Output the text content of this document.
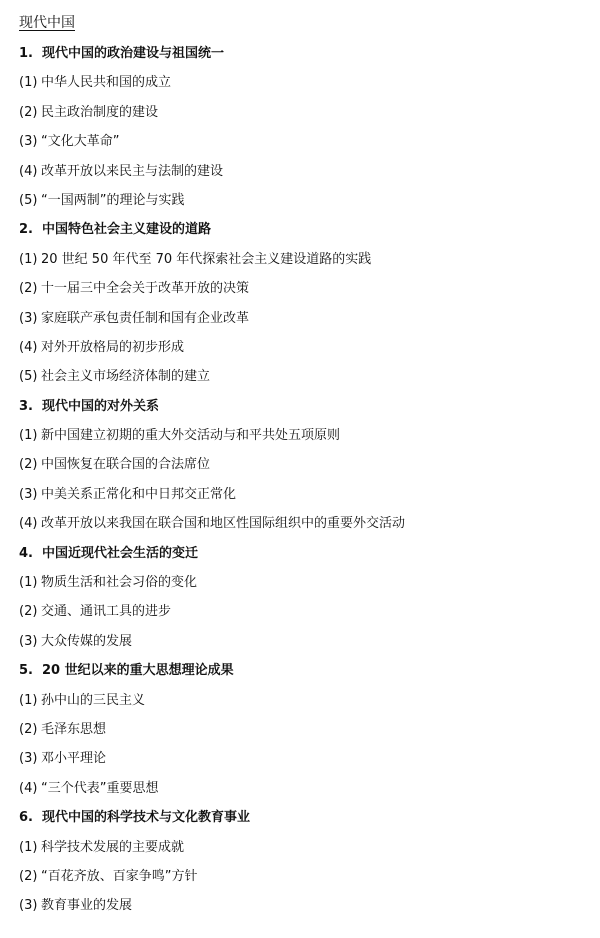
现代中国
1. 现代中国的政治建设与祖国统一
(1) 中华人民共和国的成立
(2) 民主政治制度的建设
(3) “文化大革命”
(4) 改革开放以来民主与法制的建设
(5) “一国两制”的理论与实践
2. 中国特色社会主义建设的道路
(1) 20 世纪 50 年代至 70 年代探索社会主义建设道路的实践
(2) 十一届三中全会关于改革开放的决策
(3) 家庭联产承包责任制和国有企业改革
(4) 对外开放格局的初步形成
(5) 社会主义市场经济体制的建立
3. 现代中国的对外关系
(1) 新中国建立初期的重大外交活动与和平共处五项原则
(2) 中国恢复在联合国的合法席位
(3) 中美关系正常化和中日邦交正常化
(4) 改革开放以来我国在联合国和地区性国际组织中的重要外交活动
4. 中国近现代社会生活的变迁
(1) 物质生活和社会习俗的变化
(2) 交通、通讯工具的进步
(3) 大众传媒的发展
5. 20 世纪以来的重大思想理论成果
(1) 孙中山的三民主义
(2) 毛泽东思想
(3) 邓小平理论
(4) “三个代表”重要思想
6. 现代中国的科学技术与文化教育事业
(1) 科学技术发展的主要成就
(2) “百花齐放、百家争鸣”方针
(3) 教育事业的发展
